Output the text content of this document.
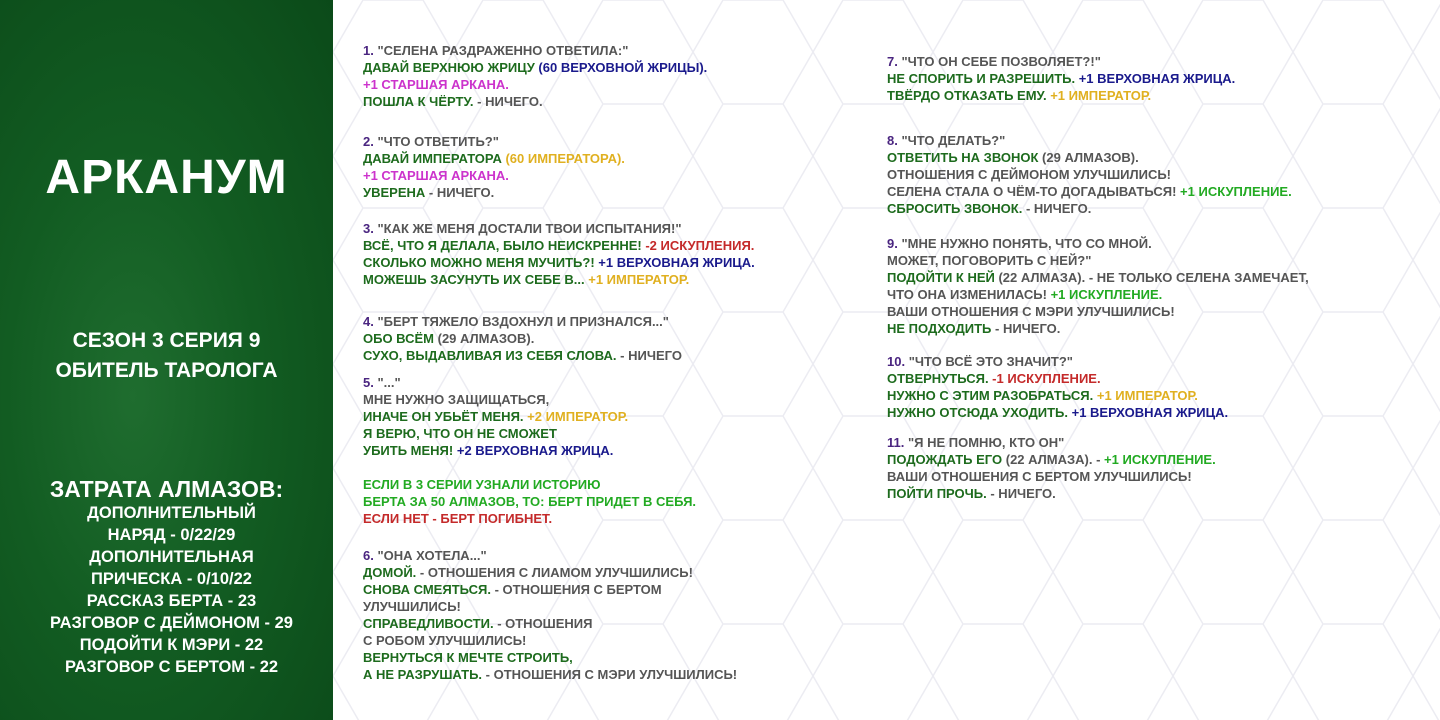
АРКАНУМ
СЕЗОН 3 СЕРИЯ 9
ОБИТЕЛЬ ТАРОЛОГА
ЗАТРАТА АЛМАЗОВ:
ДОПОЛНИТЕЛЬНЫЙ
НАРЯД - 0/22/29
ДОПОЛНИТЕЛЬНАЯ
ПРИЧЕСКА - 0/10/22
РАССКАЗ БЕРТА - 23
РАЗГОВОР С ДЕЙМОНОМ - 29
ПОДОЙТИ К МЭРИ - 22
РАЗГОВОР С БЕРТОМ - 22
1. "СЕЛЕНА РАЗДРАЖЕННО ОТВЕТИЛА:"
ДАВАЙ ВЕРХНЮЮ ЖРИЦУ (60 ВЕРХОВНОЙ ЖРИЦЫ).
+1 СТАРШАЯ АРКАНА.
ПОШЛА К ЧЁРТУ. - НИЧЕГО.
2. "ЧТО ОТВЕТИТЬ?"
ДАВАЙ ИМПЕРАТОРА (60 ИМПЕРАТОРА).
+1 СТАРШАЯ АРКАНА.
УВЕРЕНА - НИЧЕГО.
3. "КАК ЖЕ МЕНЯ ДОСТАЛИ ТВОИ ИСПЫТАНИЯ!"
ВСЁ, ЧТО Я ДЕЛАЛА, БЫЛО НЕИСКРЕННЕ! -2 ИСКУПЛЕНИЯ.
СКОЛЬКО МОЖНО МЕНЯ МУЧИТЬ?! +1 ВЕРХОВНАЯ ЖРИЦА.
МОЖЕШЬ ЗАСУНУТЬ ИХ СЕБЕ В... +1 ИМПЕРАТОР.
4. "БЕРТ ТЯЖЕЛО ВЗДОХНУЛ И ПРИЗНАЛСЯ..."
ОБО ВСЁМ (29 АЛМАЗОВ).
СУХО, ВЫДАВЛИВАЯ ИЗ СЕБЯ СЛОВА. - НИЧЕГО
5. "..."
МНЕ НУЖНО ЗАЩИЩАТЬСЯ,
ИНАЧЕ ОН УБЬЁТ МЕНЯ. +2 ИМПЕРАТОР.
Я ВЕРЮ, ЧТО ОН НЕ СМОЖЕТ
УБИТЬ МЕНЯ! +2 ВЕРХОВНАЯ ЖРИЦА.
ЕСЛИ В 3 СЕРИИ УЗНАЛИ ИСТОРИЮ
БЕРТА ЗА 50 АЛМАЗОВ, ТО: БЕРТ ПРИДЕТ В СЕБЯ.
ЕСЛИ НЕТ - БЕРТ ПОГИБНЕТ.
6. "ОНА ХОТЕЛА..."
ДОМОЙ. - ОТНОШЕНИЯ С ЛИАМОМ УЛУЧШИЛИСЬ!
СНОВА СМЕЯТЬСЯ. - ОТНОШЕНИЯ С БЕРТОМ
УЛУЧШИЛИСЬ!
СПРАВЕДЛИВОСТИ. - ОТНОШЕНИЯ
С РОБОМ УЛУЧШИЛИСЬ!
ВЕРНУТЬСЯ К МЕЧТЕ СТРОИТЬ,
А НЕ РАЗРУШАТЬ. - ОТНОШЕНИЯ С МЭРИ УЛУЧШИЛИСЬ!
7. "ЧТО ОН СЕБЕ ПОЗВОЛЯЕТ?!"
НЕ СПОРИТЬ И РАЗРЕШИТЬ. +1 ВЕРХОВНАЯ ЖРИЦА.
ТВЁРДО ОТКАЗАТЬ ЕМУ. +1 ИМПЕРАТОР.
8. "ЧТО ДЕЛАТЬ?"
ОТВЕТИТЬ НА ЗВОНОК (29 АЛМАЗОВ).
ОТНОШЕНИЯ С ДЕЙМОНОМ УЛУЧШИЛИСЬ!
СЕЛЕНА СТАЛА О ЧЁМ-ТО ДОГАДЫВАТЬСЯ! +1 ИСКУПЛЕНИЕ.
СБРОСИТЬ ЗВОНОК. - НИЧЕГО.
9. "МНЕ НУЖНО ПОНЯТЬ, ЧТО СО МНОЙ.
МОЖЕТ, ПОГОВОРИТЬ С НЕЙ?"
ПОДОЙТИ К НЕЙ (22 АЛМАЗА). - НЕ ТОЛЬКО СЕЛЕНА ЗАМЕЧАЕТ,
ЧТО ОНА ИЗМЕНИЛАСЬ! +1 ИСКУПЛЕНИЕ.
ВАШИ ОТНОШЕНИЯ С МЭРИ УЛУЧШИЛИСЬ!
НЕ ПОДХОДИТЬ - НИЧЕГО.
10. "ЧТО ВСЁ ЭТО ЗНАЧИТ?"
ОТВЕРНУТЬСЯ. -1 ИСКУПЛЕНИЕ.
НУЖНО С ЭТИМ РАЗОБРАТЬСЯ. +1 ИМПЕРАТОР.
НУЖНО ОТСЮДА УХОДИТЬ. +1 ВЕРХОВНАЯ ЖРИЦА.
11. "Я НЕ ПОМНЮ, КТО ОН"
ПОДОЖДАТЬ ЕГО (22 АЛМАЗА). - +1 ИСКУПЛЕНИЕ.
ВАШИ ОТНОШЕНИЯ С БЕРТОМ УЛУЧШИЛИСЬ!
ПОЙТИ ПРОЧЬ. - НИЧЕГО.
